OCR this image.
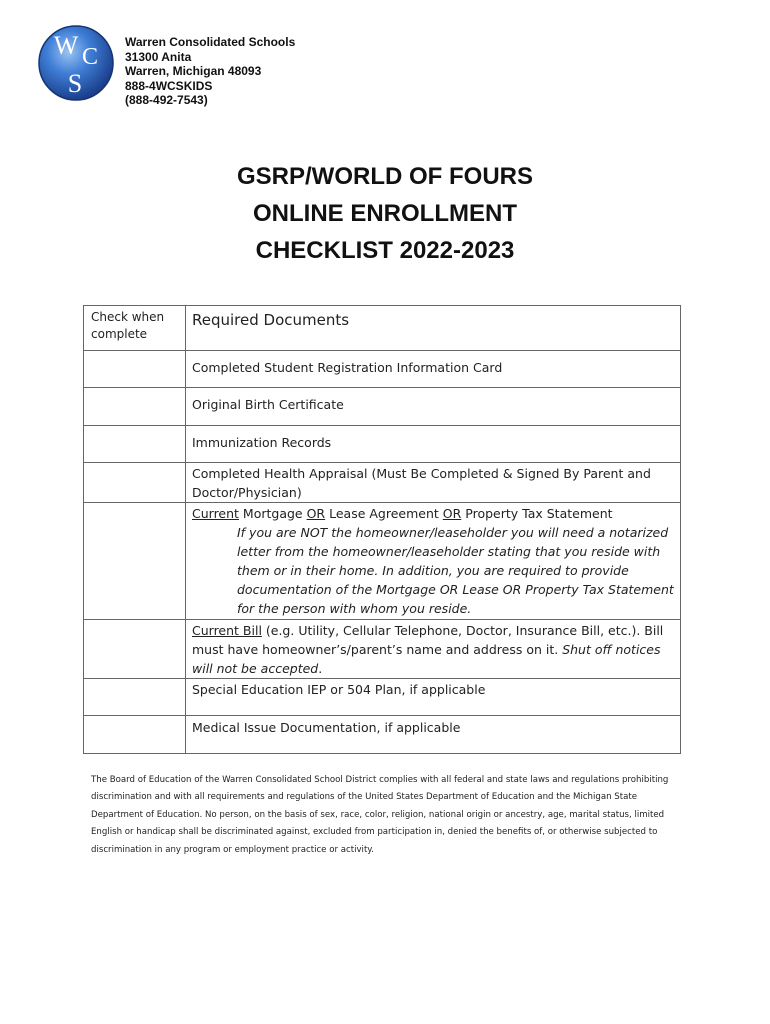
W C
S
Warren Consolidated Schools
31300 Anita
Warren, Michigan 48093
888-4WCSKIDS
(888-492-7543)
GSRP/WORLD OF FOURS
ONLINE ENROLLMENT
CHECKLIST 2022-2023
Check when complete	Required Documents
	Completed Student Registration Information Card
	Original Birth Certificate
	Immunization Records
	Completed Health Appraisal (Must Be Completed & Signed By Parent and Doctor/Physician)
	Current Mortgage OR Lease Agreement OR Property Tax Statement
If you are NOT the homeowner/leaseholder you will need a notarized letter from the homeowner/leaseholder stating that you reside with them or in their home. In addition, you are required to provide documentation of the Mortgage OR Lease OR Property Tax Statement for the person with whom you reside.

	Current Bill (e.g. Utility, Cellular Telephone, Doctor, Insurance Bill, etc.). Bill must have homeowner’s/parent’s name and address on it. Shut off notices will not be accepted.
	Special Education IEP or 504 Plan, if applicable
	Medical Issue Documentation, if applicable
The Board of Education of the Warren Consolidated School District complies with all federal and state laws and regulations prohibiting discrimination and with all requirements and regulations of the United States Department of Education and the Michigan State Department of Education. No person, on the basis of sex, race, color, religion, national origin or ancestry, age, marital status, limited English or handicap shall be discriminated against, excluded from participation in, denied the benefits of, or otherwise subjected to discrimination in any program or employment practice or activity.
